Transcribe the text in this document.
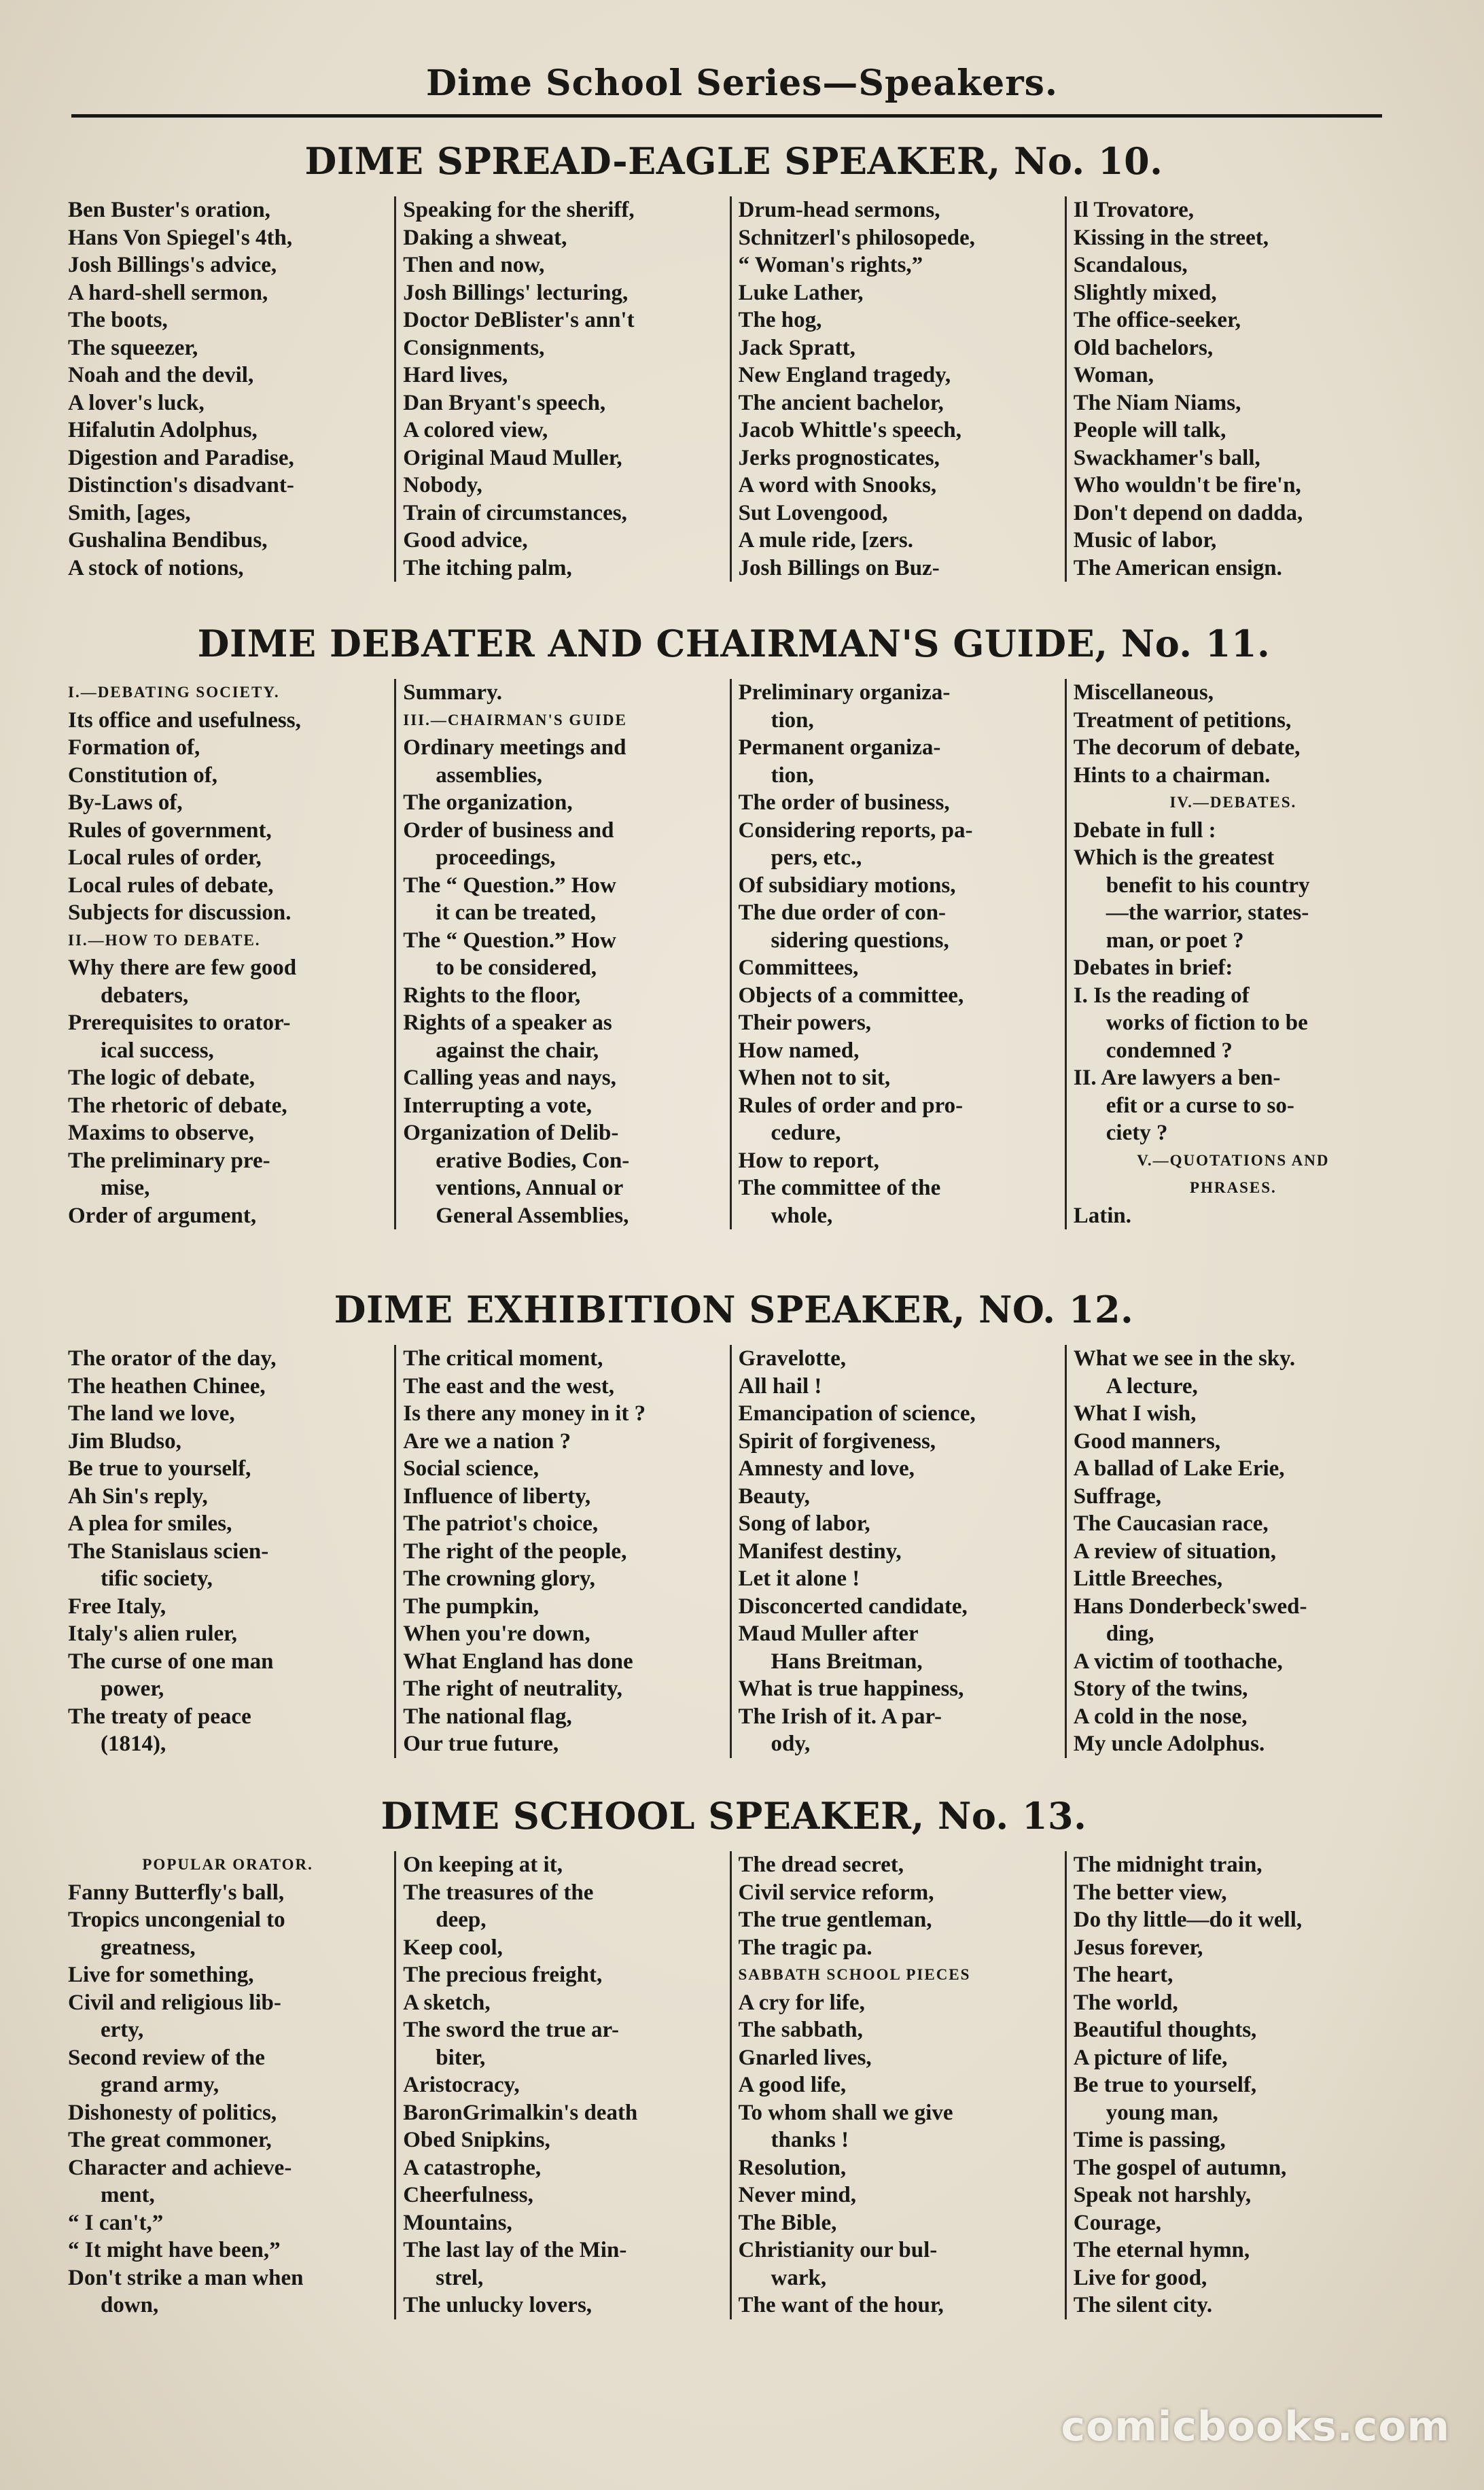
Dime School Series—Speakers.
DIME SPREAD-EAGLE SPEAKER, No. 10.
Ben Buster's oration,
Hans Von Spiegel's 4th,
Josh Billings's advice,
A hard-shell sermon,
The boots,
The squeezer,
Noah and the devil,
A lover's luck,
Hifalutin Adolphus,
Digestion and Paradise,
Distinction's disadvant-
Smith, [ages,
Gushalina Bendibus,
A stock of notions,
Speaking for the sheriff,
Daking a shweat,
Then and now,
Josh Billings' lecturing,
Doctor DeBlister's ann't
Consignments,
Hard lives,
Dan Bryant's speech,
A colored view,
Original Maud Muller,
Nobody,
Train of circumstances,
Good advice,
The itching palm,
Drum-head sermons,
Schnitzerl's philosopede,
“ Woman's rights,”
Luke Lather,
The hog,
Jack Spratt,
New England tragedy,
The ancient bachelor,
Jacob Whittle's speech,
Jerks prognosticates,
A word with Snooks,
Sut Lovengood,
A mule ride, [zers.
Josh Billings on Buz-
Il Trovatore,
Kissing in the street,
Scandalous,
Slightly mixed,
The office-seeker,
Old bachelors,
Woman,
The Niam Niams,
People will talk,
Swackhamer's ball,
Who wouldn't be fire'n,
Don't depend on dadda,
Music of labor,
The American ensign.
DIME DEBATER AND CHAIRMAN'S GUIDE, No. 11.
I.—DEBATING SOCIETY.
Its office and usefulness,
Formation of,
Constitution of,
By-Laws of,
Rules of government,
Local rules of order,
Local rules of debate,
Subjects for discussion.
II.—HOW TO DEBATE.
Why there are few good
debaters,
Prerequisites to orator-
ical success,
The logic of debate,
The rhetoric of debate,
Maxims to observe,
The preliminary pre-
mise,
Order of argument,
Summary.
III.—CHAIRMAN'S GUIDE
Ordinary meetings and
assemblies,
The organization,
Order of business and
proceedings,
The “ Question.” How
it can be treated,
The “ Question.” How
to be considered,
Rights to the floor,
Rights of a speaker as
against the chair,
Calling yeas and nays,
Interrupting a vote,
Organization of Delib-
erative Bodies, Con-
ventions, Annual or
General Assemblies,
Preliminary organiza-
tion,
Permanent organiza-
tion,
The order of business,
Considering reports, pa-
pers, etc.,
Of subsidiary motions,
The due order of con-
sidering questions,
Committees,
Objects of a committee,
Their powers,
How named,
When not to sit,
Rules of order and pro-
cedure,
How to report,
The committee of the
whole,
Miscellaneous,
Treatment of petitions,
The decorum of debate,
Hints to a chairman.
IV.—DEBATES.
Debate in full :
Which is the greatest
benefit to his country
—the warrior, states-
man, or poet ?
Debates in brief:
I. Is the reading of
works of fiction to be
condemned ?
II. Are lawyers a ben-
efit or a curse to so-
ciety ?
V.—QUOTATIONS AND
PHRASES.
Latin.
DIME EXHIBITION SPEAKER, NO. 12.
The orator of the day,
The heathen Chinee,
The land we love,
Jim Bludso,
Be true to yourself,
Ah Sin's reply,
A plea for smiles,
The Stanislaus scien-
tific society,
Free Italy,
Italy's alien ruler,
The curse of one man
power,
The treaty of peace
(1814),
The critical moment,
The east and the west,
Is there any money in it ?
Are we a nation ?
Social science,
Influence of liberty,
The patriot's choice,
The right of the people,
The crowning glory,
The pumpkin,
When you're down,
What England has done
The right of neutrality,
The national flag,
Our true future,
Gravelotte,
All hail !
Emancipation of science,
Spirit of forgiveness,
Amnesty and love,
Beauty,
Song of labor,
Manifest destiny,
Let it alone !
Disconcerted candidate,
Maud Muller after
Hans Breitman,
What is true happiness,
The Irish of it. A par-
ody,
What we see in the sky.
A lecture,
What I wish,
Good manners,
A ballad of Lake Erie,
Suffrage,
The Caucasian race,
A review of situation,
Little Breeches,
Hans Donderbeck'swed-
ding,
A victim of toothache,
Story of the twins,
A cold in the nose,
My uncle Adolphus.
DIME SCHOOL SPEAKER, No. 13.
POPULAR ORATOR.
Fanny Butterfly's ball,
Tropics uncongenial to
greatness,
Live for something,
Civil and religious lib-
erty,
Second review of the
grand army,
Dishonesty of politics,
The great commoner,
Character and achieve-
ment,
“ I can't,”
“ It might have been,”
Don't strike a man when
down,
On keeping at it,
The treasures of the
deep,
Keep cool,
The precious freight,
A sketch,
The sword the true ar-
biter,
Aristocracy,
BaronGrimalkin's death
Obed Snipkins,
A catastrophe,
Cheerfulness,
Mountains,
The last lay of the Min-
strel,
The unlucky lovers,
The dread secret,
Civil service reform,
The true gentleman,
The tragic pa.
SABBATH SCHOOL PIECES
A cry for life,
The sabbath,
Gnarled lives,
A good life,
To whom shall we give
thanks !
Resolution,
Never mind,
The Bible,
Christianity our bul-
wark,
The want of the hour,
The midnight train,
The better view,
Do thy little—do it well,
Jesus forever,
The heart,
The world,
Beautiful thoughts,
A picture of life,
Be true to yourself,
young man,
Time is passing,
The gospel of autumn,
Speak not harshly,
Courage,
The eternal hymn,
Live for good,
The silent city.
comicbooks.com
